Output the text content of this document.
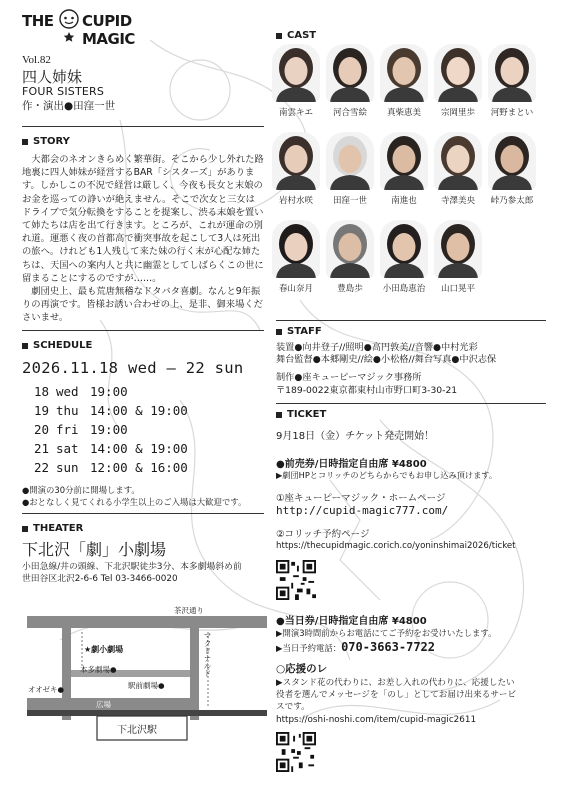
THE CUPID MAGIC
Vol.82
四人姉妹
FOUR SISTERS
作・演出●田窪一世
STORY

大都会のネオンきらめく繁華街。そこから少し外れた路地裏に四人姉妹が経営するBAR「シスターズ」があります。しかしこの不況で経営は厳しく、今夜も長女と末娘のお金を巡っての諍いが絶えません。そこで次女と三女はドライブで気分転換をすることを提案し、渋る末娘を置いて姉たちは店を出て行きます。ところが、これが運命の別れ道。運悪く夜の首都高で衝突事故を起こして3人は死出の旅へ。けれども1人残して来た妹の行く末が心配な姉たちは、天国への案内人と共に幽霊としてしばらくこの世に留まることにするのですが……。

劇団史上、最も荒唐無稽なドタバタ喜劇。なんと9年振りの再演です。皆様お誘い合わせの上、是非、御来場くださいませ。

SCHEDULE
2026.11.18 wed — 22 sun
18 wed 19:00
19 thu 14:00 & 19:00
20 fri 19:00
21 sat 14:00 & 19:00
22 sun 12:00 & 16:00
●開演の30分前に開場します。
●おとなしく見てくれる小学生以上のご入場は大歓迎です。
THEATER
下北沢「劇」小劇場
小田急線/井の頭線、下北沢駅徒歩3分、本多劇場斜め前
世田谷区北沢2-6-6 Tel 03-3466-0020
茶沢通り
★劇小劇場
本多劇場●
駅前劇場●
マクドナルド
オオゼキ●
広場
下北沢駅
CAST
南雲キエ	河合雪絵	真柴恵美	宗岡里歩	河野まとい
岩村水咲	田窪一世	南進也	寺澤美央	峠乃参太郎
春山奈月	豊島歩	小田島恵治	山口晃平
STAFF
装置●向井登子//照明●高円敦美//音響●中村光彩
舞台監督●本郷剛史//絵●小松格//舞台写真●中沢志保
制作●座キューピーマジック事務所
〒189-0022東京都東村山市野口町3-30-21
TICKET
9月18日（金）チケット発売開始！
●前売券/日時指定自由席 ¥4800
▶劇団HPとコリッチのどちらからでもお申し込み頂けます。
①座キューピーマジック・ホームページ
http://cupid-magic777.com/
②コリッチ予約ページ
https://thecupidmagic.corich.co/yoninshimai2026/ticket
●当日券/日時指定自由席 ¥4800
▶開演3時間前からお電話にてご予約をお受けいたします。
▶当日予約電話： 070-3663-7722
○応援のレ
▶スタンド花の代わりに、お差し入れの代わりに、応援したい
役者を選んでメッセージを「のし」としてお届け出来るサービ
スです。
https://oshi-noshi.com/item/cupid-magic2611
